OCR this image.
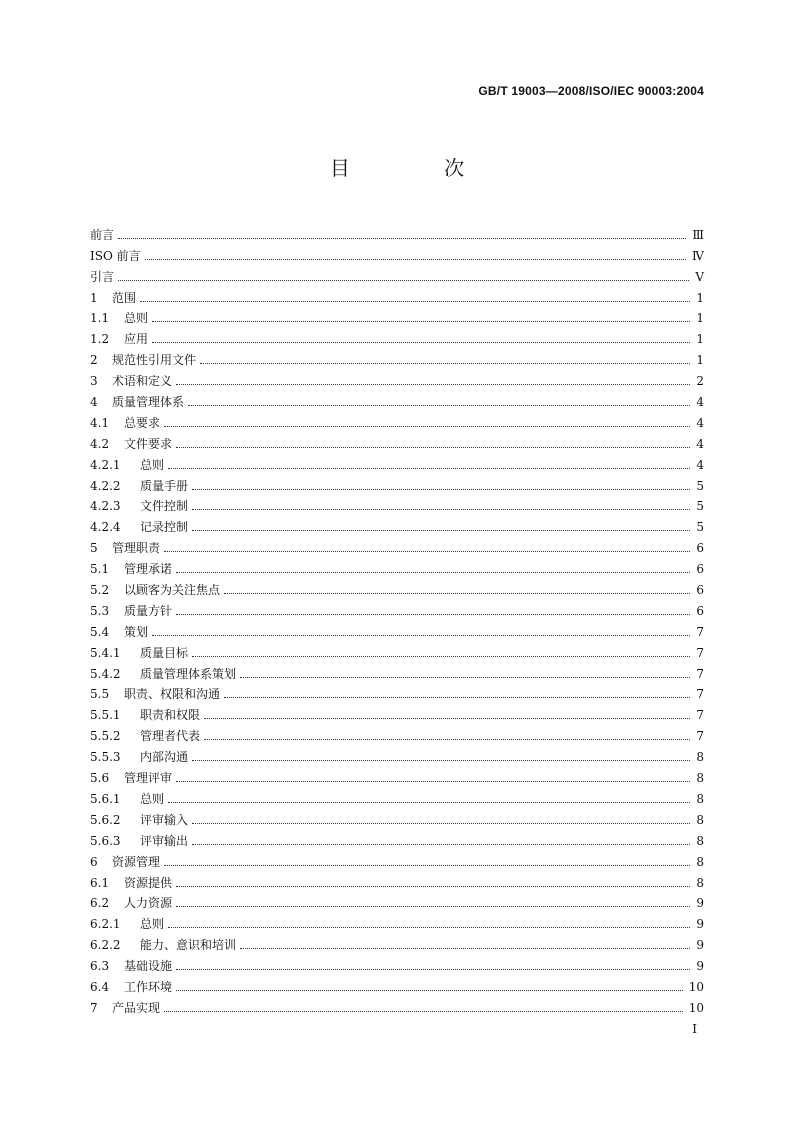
GB/T 19003—2008/ISO/IEC 90003:2004
目 次
前言	Ⅲ
ISO 前言	Ⅳ
引言	Ⅴ
1	范围	1
1.1	总则	1
1.2	应用	1
2	规范性引用文件	1
3	术语和定义	2
4	质量管理体系	4
4.1	总要求	4
4.2	文件要求	4
4.2.1	总则	4
4.2.2	质量手册	5
4.2.3	文件控制	5
4.2.4	记录控制	5
5	管理职责	6
5.1	管理承诺	6
5.2	以顾客为关注焦点	6
5.3	质量方针	6
5.4	策划	7
5.4.1	质量目标	7
5.4.2	质量管理体系策划	7
5.5	职责、权限和沟通	7
5.5.1	职责和权限	7
5.5.2	管理者代表	7
5.5.3	内部沟通	8
5.6	管理评审	8
5.6.1	总则	8
5.6.2	评审输入	8
5.6.3	评审输出	8
6	资源管理	8
6.1	资源提供	8
6.2	人力资源	9
6.2.1	总则	9
6.2.2	能力、意识和培训	9
6.3	基础设施	9
6.4	工作环境	10
7	产品实现	10
I
